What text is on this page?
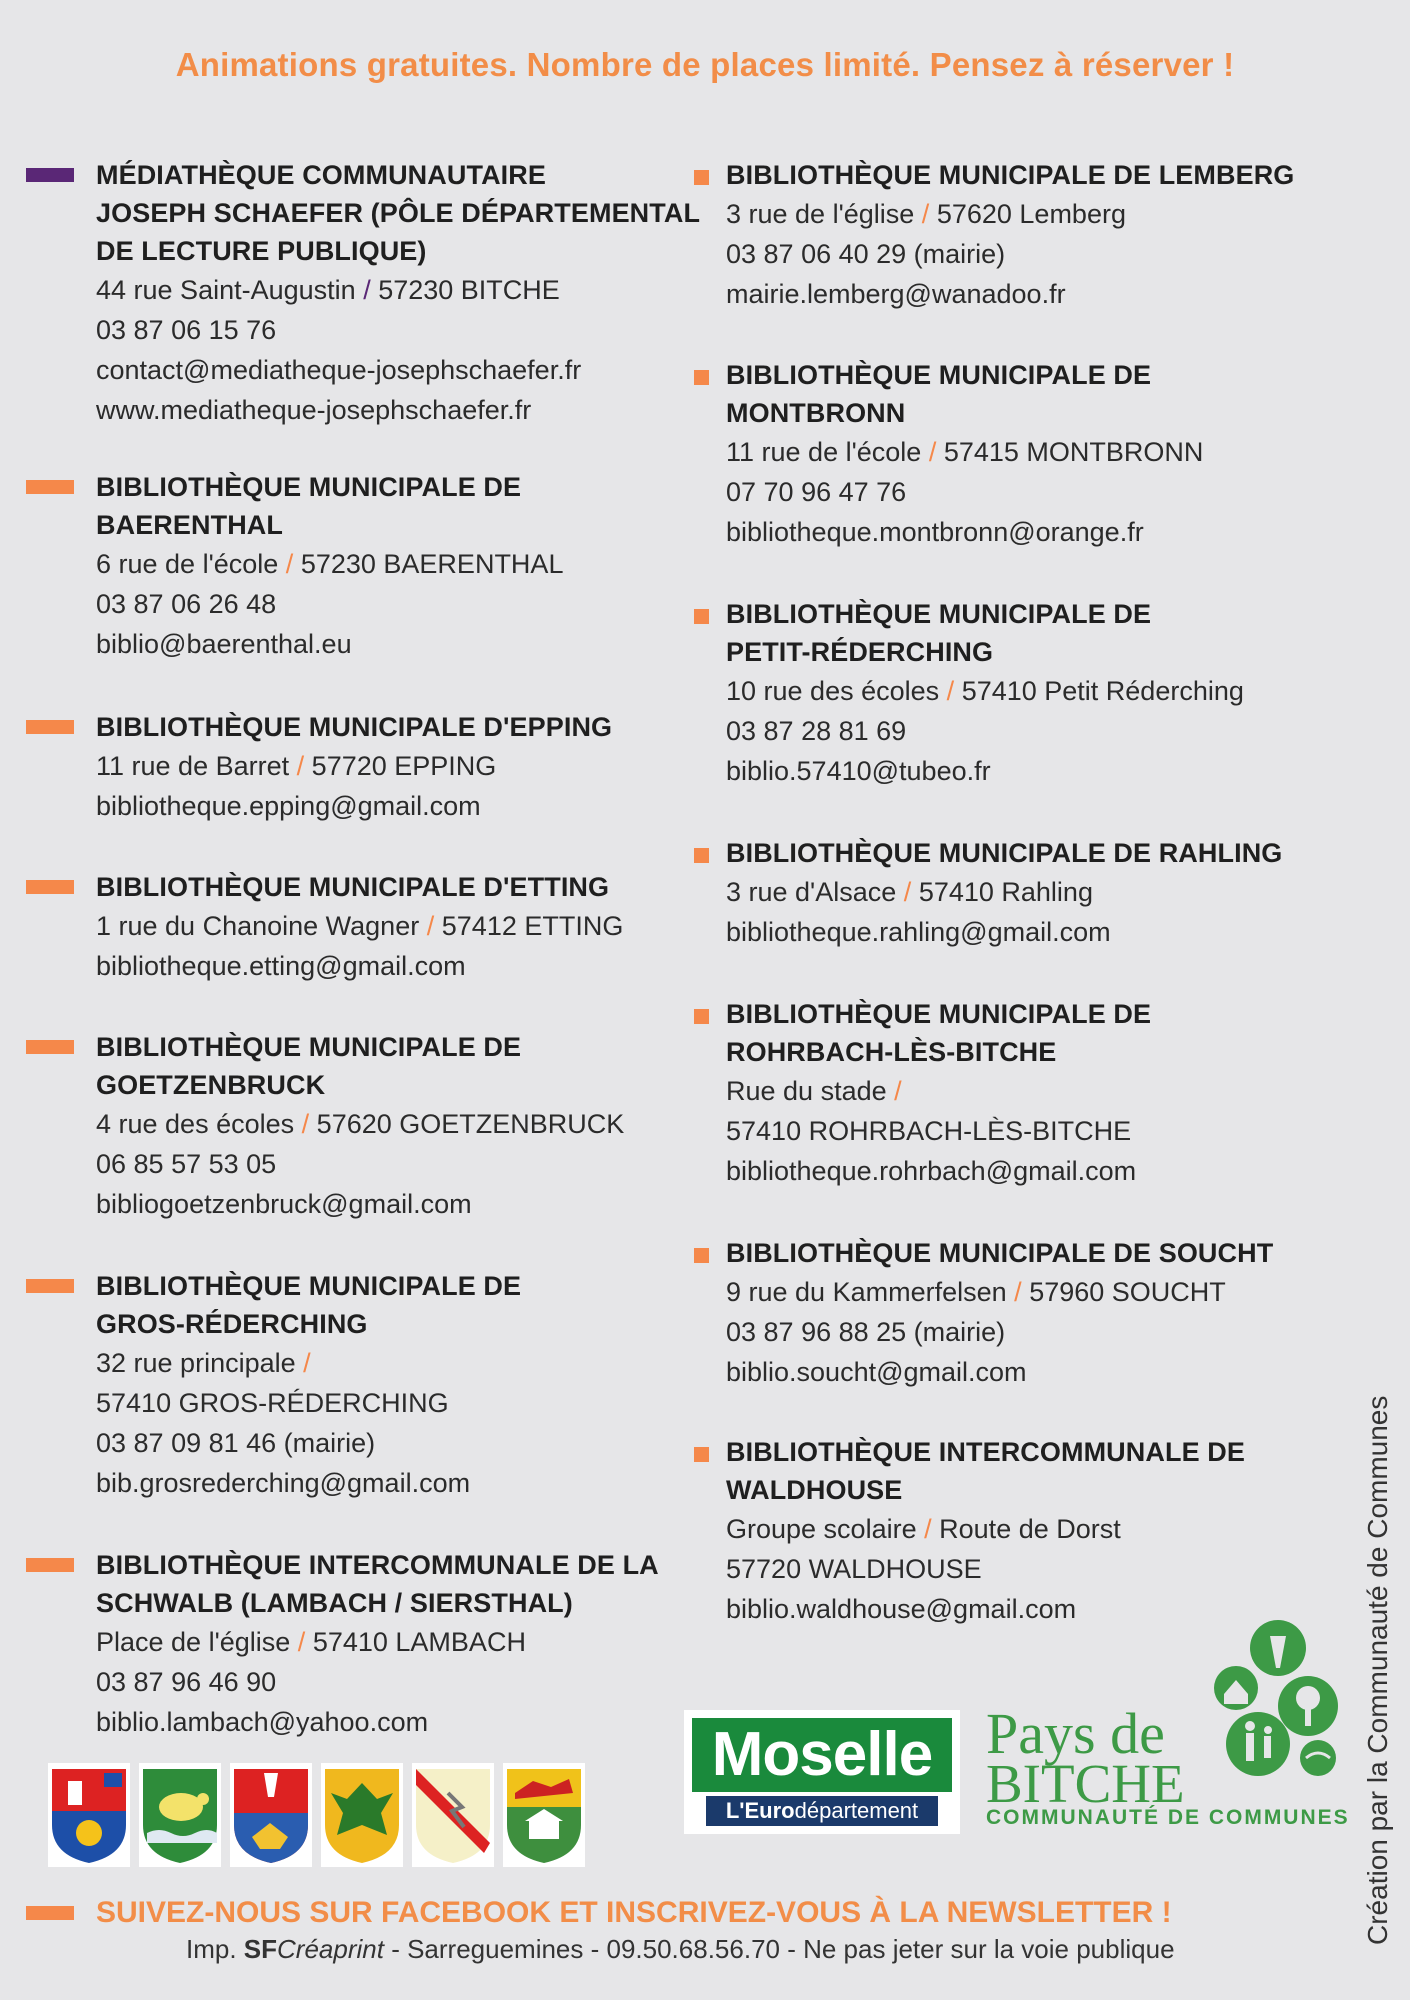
Animations gratuites. Nombre de places limité. Pensez à réserver !
MÉDIATHÈQUE COMMUNAUTAIRE
JOSEPH SCHAEFER (PÔLE DÉPARTEMENTAL
DE LECTURE PUBLIQUE)
44 rue Saint-Augustin / 57230 BITCHE
03 87 06 15 76
contact@mediatheque-josephschaefer.fr
www.mediatheque-josephschaefer.fr
BIBLIOTHÈQUE MUNICIPALE DE
BAERENTHAL
6 rue de l'école / 57230 BAERENTHAL
03 87 06 26 48
biblio@baerenthal.eu
BIBLIOTHÈQUE MUNICIPALE D'EPPING
11 rue de Barret / 57720 EPPING
bibliotheque.epping@gmail.com
BIBLIOTHÈQUE MUNICIPALE D'ETTING
1 rue du Chanoine Wagner / 57412 ETTING
bibliotheque.etting@gmail.com
BIBLIOTHÈQUE MUNICIPALE DE
GOETZENBRUCK
4 rue des écoles / 57620 GOETZENBRUCK
06 85 57 53 05
bibliogoetzenbruck@gmail.com
BIBLIOTHÈQUE MUNICIPALE DE
GROS-RÉDERCHING
32 rue principale /
57410 GROS-RÉDERCHING
03 87 09 81 46 (mairie)
bib.grosrederching@gmail.com
BIBLIOTHÈQUE INTERCOMMUNALE DE LA
SCHWALB (LAMBACH / SIERSTHAL)
Place de l'église / 57410 LAMBACH
03 87 96 46 90
biblio.lambach@yahoo.com
BIBLIOTHÈQUE MUNICIPALE DE LEMBERG
3 rue de l'église / 57620 Lemberg
03 87 06 40 29 (mairie)
mairie.lemberg@wanadoo.fr
BIBLIOTHÈQUE MUNICIPALE DE
MONTBRONN
11 rue de l'école / 57415 MONTBRONN
07 70 96 47 76
bibliotheque.montbronn@orange.fr
BIBLIOTHÈQUE MUNICIPALE DE
PETIT-RÉDERCHING
10 rue des écoles / 57410 Petit Réderching
03 87 28 81 69
biblio.57410@tubeo.fr
BIBLIOTHÈQUE MUNICIPALE DE RAHLING
3 rue d'Alsace / 57410 Rahling
bibliotheque.rahling@gmail.com
BIBLIOTHÈQUE MUNICIPALE DE
ROHRBACH-LÈS-BITCHE
Rue du stade /
57410 ROHRBACH-LÈS-BITCHE
bibliotheque.rohrbach@gmail.com
BIBLIOTHÈQUE MUNICIPALE DE SOUCHT
9 rue du Kammerfelsen / 57960 SOUCHT
03 87 96 88 25 (mairie)
biblio.soucht@gmail.com
BIBLIOTHÈQUE INTERCOMMUNALE DE
WALDHOUSE
Groupe scolaire / Route de Dorst
57720 WALDHOUSE
biblio.waldhouse@gmail.com
Moselle
L'Eurodépartement
Pays de
BITCHE
COMMUNAUTÉ DE COMMUNES Création par la Communauté de Communes
SUIVEZ-NOUS SUR FACEBOOK ET INSCRIVEZ-VOUS À LA NEWSLETTER !
Imp. SFCréaprint - Sarreguemines - 09.50.68.56.70 - Ne pas jeter sur la voie publique
